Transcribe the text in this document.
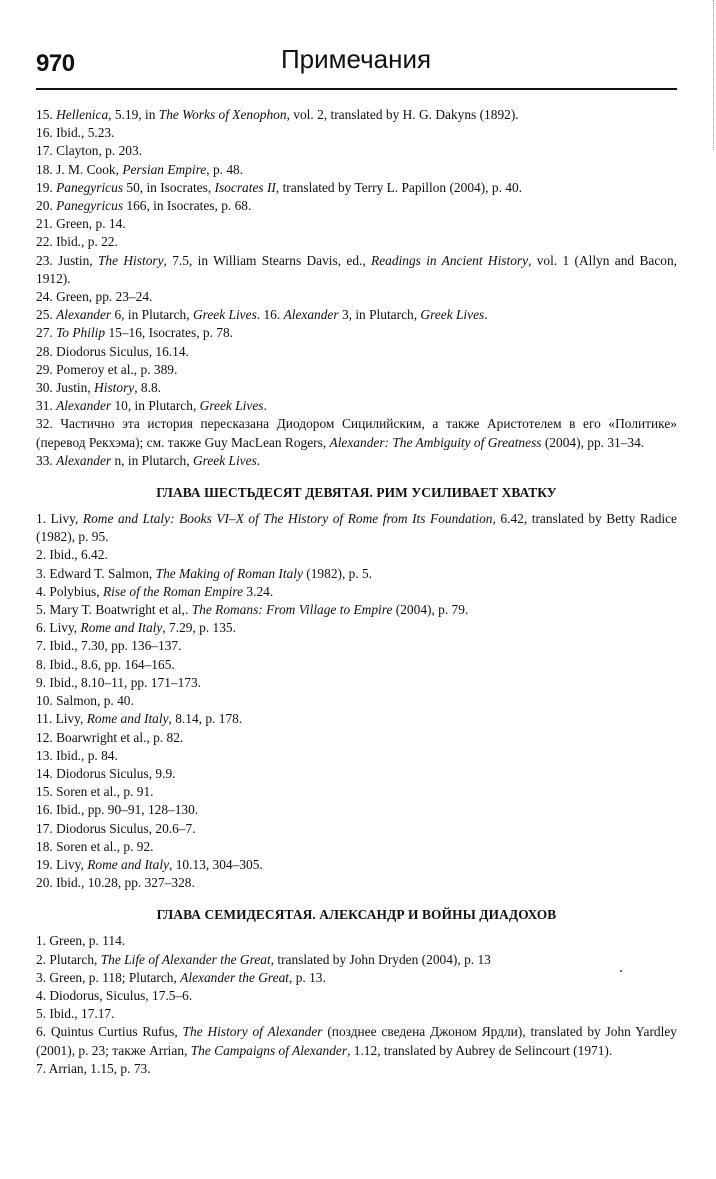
970	Примечания

15. Hellenica, 5.19, in The Works of Xenophon, vol. 2, translated by H. G. Dakyns (1892).

16. Ibid., 5.23.

17. Clayton, p. 203.

18. J. M. Cook, Persian Empire, p. 48.

19. Panegyricus 50, in Isocrates, Isocrates II, translated by Terry L. Papillon (2004), p. 40.

20. Panegyricus 166, in Isocrates, p. 68.

21. Green, p. 14.

22. Ibid., p. 22.

23. Justin, The History, 7.5, in William Stearns Davis, ed., Readings in Ancient History, vol. 1 (Allyn and Bacon, 1912).

24. Green, pp. 23–24.

25. Alexander 6, in Plutarch, Greek Lives. 16. Alexander 3, in Plutarch, Greek Lives.

27. To Philip 15–16, Isocrates, p. 78.

28. Diodorus Siculus, 16.14.

29. Pomeroy et al., p. 389.

30. Justin, History, 8.8.

31. Alexander 10, in Plutarch, Greek Lives.

32. Частично эта история пересказана Диодором Сицилийским, а также Аристотелем в его «Политике» (перевод Рекхэма); см. также Guy MacLean Rogers, Alexander: The Ambiguity of Greatness (2004), pp. 31–34.

33. Alexander n, in Plutarch, Greek Lives.

ГЛАВА ШЕСТЬДЕСЯТ ДЕВЯТАЯ. РИМ УСИЛИВАЕТ ХВАТКУ

1. Livy, Rome and Ltaly: Books VI–X of The History of Rome from Its Foundation, 6.42, translated by Betty Radice (1982), p. 95.

2. Ibid., 6.42.

3. Edward T. Salmon, The Making of Roman Italy (1982), p. 5.

4. Polybius, Rise of the Roman Empire 3.24.

5. Mary T. Boatwright et al,. The Romans: From Village to Empire (2004), p. 79.

6. Livy, Rome and Italy, 7.29, p. 135.

7. Ibid., 7.30, pp. 136–137.

8. Ibid., 8.6, pp. 164–165.

9. Ibid., 8.10–11, pp. 171–173.

10. Salmon, p. 40.

11. Livy, Rome and Italy, 8.14, p. 178.

12. Boarwright et al., p. 82.

13. Ibid., p. 84.

14. Diodorus Siculus, 9.9.

15. Soren et al., p. 91.

16. Ibid., pp. 90–91, 128–130.

17. Diodorus Siculus, 20.6–7.

18. Soren et al., p. 92.

19. Livy, Rome and Italy, 10.13, 304–305.

20. Ibid., 10.28, pp. 327–328.

ГЛАВА СЕМИДЕСЯТАЯ. АЛЕКСАНДР И ВОЙНЫ ДИАДОХОВ

1. Green, p. 114.

2. Plutarch, The Life of Alexander the Great, translated by John Dryden (2004), p. 13

3. Green, p. 118; Plutarch, Alexander the Great, p. 13.

4. Diodorus, Siculus, 17.5–6.

5. Ibid., 17.17.

6. Quintus Curtius Rufus, The History of Alexander (позднее сведена Джоном Ярдли), translated by John Yardley (2001), p. 23; также Arrian, The Campaigns of Alexander, 1.12, translated by Aubrey de Selincourt (1971).

7. Arrian, 1.15, p. 73.
